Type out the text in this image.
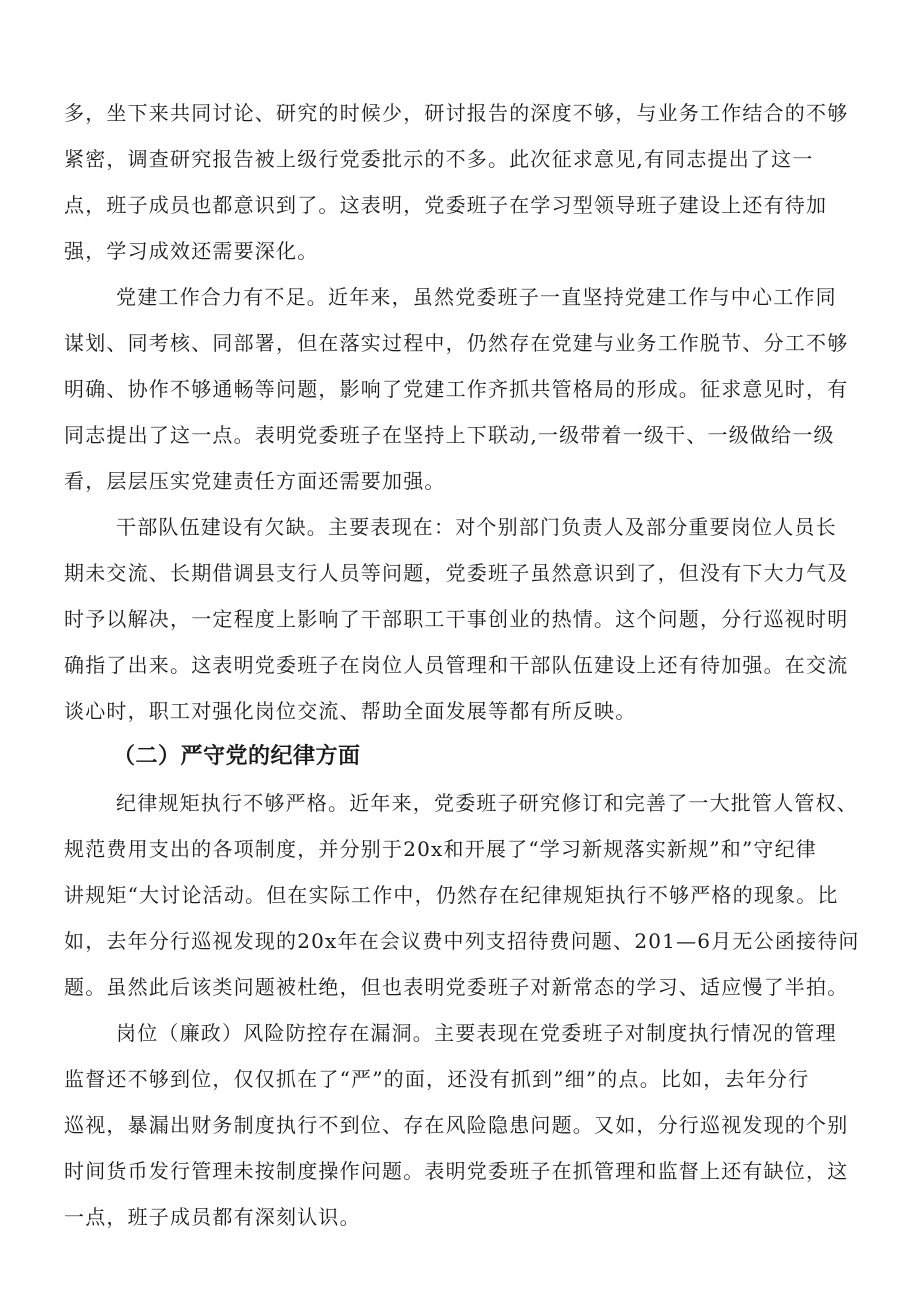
多，坐下来共同讨论、研究的时候少，研讨报告的深度不够，与业务工作结合的不够
紧密，调查研究报告被上级行党委批示的不多。此次征求意见,有同志提出了这一
点，班子成员也都意识到了。这表明，党委班子在学习型领导班子建设上还有待加
强，学习成效还需要深化。
党建工作合力有不足。近年来，虽然党委班子一直坚持党建工作与中心工作同
谋划、同考核、同部署，但在落实过程中，仍然存在党建与业务工作脱节、分工不够
明确、协作不够通畅等问题，影响了党建工作齐抓共管格局的形成。征求意见时，有
同志提出了这一点。表明党委班子在坚持上下联动,一级带着一级干、一级做给一级
看，层层压实党建责任方面还需要加强。
干部队伍建设有欠缺。主要表现在：对个别部门负责人及部分重要岗位人员长
期未交流、长期借调县支行人员等问题，党委班子虽然意识到了，但没有下大力气及
时予以解决，一定程度上影响了干部职工干事创业的热情。这个问题，分行巡视时明
确指了出来。这表明党委班子在岗位人员管理和干部队伍建设上还有待加强。在交流
谈心时，职工对强化岗位交流、帮助全面发展等都有所反映。
（二）严守党的纪律方面
纪律规矩执行不够严格。近年来，党委班子研究修订和完善了一大批管人管权、
规范费用支出的各项制度，并分别于20x和开展了“学习新规落实新规”和”守纪律
讲规矩“大讨论活动。但在实际工作中，仍然存在纪律规矩执行不够严格的现象。比
如，去年分行巡视发现的20x年在会议费中列支招待费问题、201—6月无公函接待问
题。虽然此后该类问题被杜绝，但也表明党委班子对新常态的学习、适应慢了半拍。
岗位（廉政）风险防控存在漏洞。主要表现在党委班子对制度执行情况的管理
监督还不够到位，仅仅抓在了“严”的面，还没有抓到”细”的点。比如，去年分行
巡视，暴漏出财务制度执行不到位、存在风险隐患问题。又如，分行巡视发现的个别
时间货币发行管理未按制度操作问题。表明党委班子在抓管理和监督上还有缺位，这
一点，班子成员都有深刻认识。
